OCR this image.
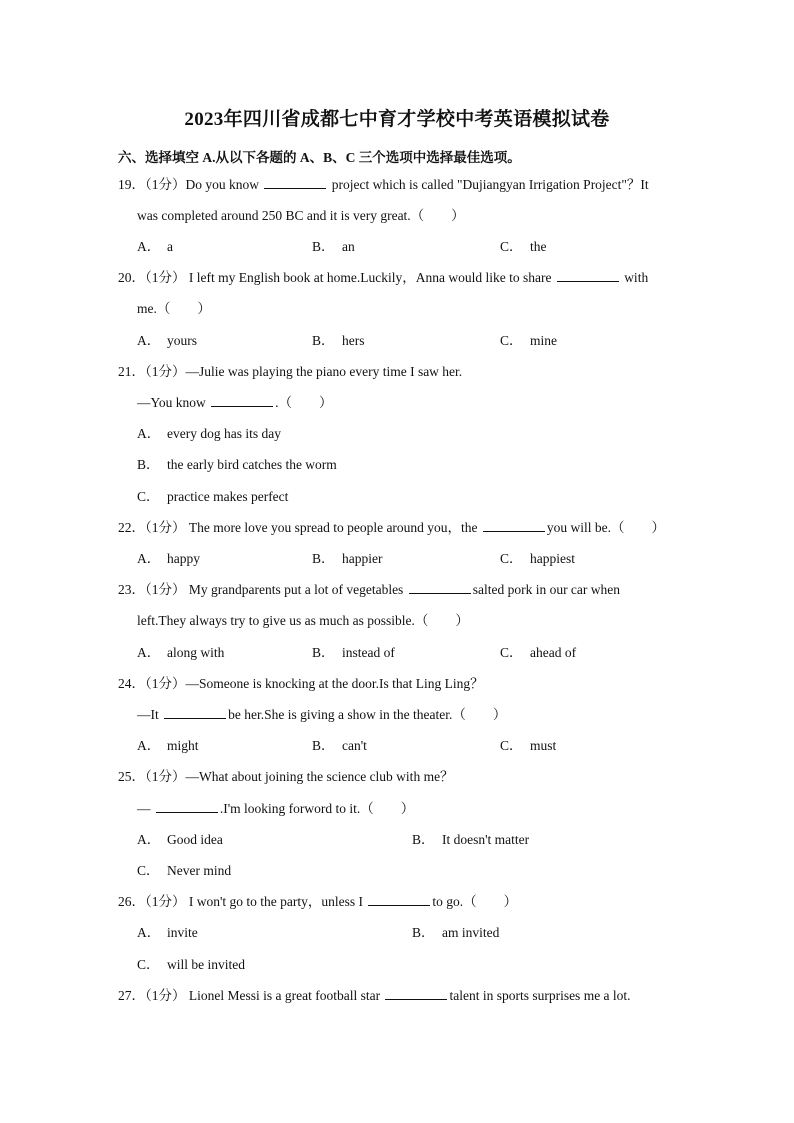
2023年四川省成都七中育才学校中考英语模拟试卷
六、选择填空 A.从以下各题的 A、B、C 三个选项中选择最佳选项。
19．（1分）Do you know	project which is called "Dujiangyan Irrigation Project"？It
was completed around 250 BC and it is very great.（　　）
A． a	B． an	C． the
20．（1分） I left my English book at home.Luckily，Anna would like to share	with
me.（　　）
A． yours	B． hers	C． mine
21．（1分）—Julie was playing the piano every time I saw her.
—You know	.（　　）
A． every dog has its day
B． the early bird catches the worm
C． practice makes perfect
22．（1分） The more love you spread to people around you，the	you will be.（　　）
A． happy	B． happier	C． happiest
23．（1分） My grandparents put a lot of vegetables	salted pork in our car when
left.They always try to give us as much as possible.（　　）
A． along with	B． instead of	C． ahead of
24．（1分）—Someone is knocking at the door.Is that Ling Ling？
—It	be her.She is giving a show in the theater.（　　）
A． might	B． can't	C． must
25．（1分）—What about joining the science club with me？
—	.I'm looking forword to it.（　　）
A． Good idea	B． It doesn't matter
C． Never mind
26．（1分） I won't go to the party，unless I	to go.（　　）
A． invite	B． am invited
C． will be invited
27．（1分） Lionel Messi is a great football star	talent in sports surprises me a lot.
